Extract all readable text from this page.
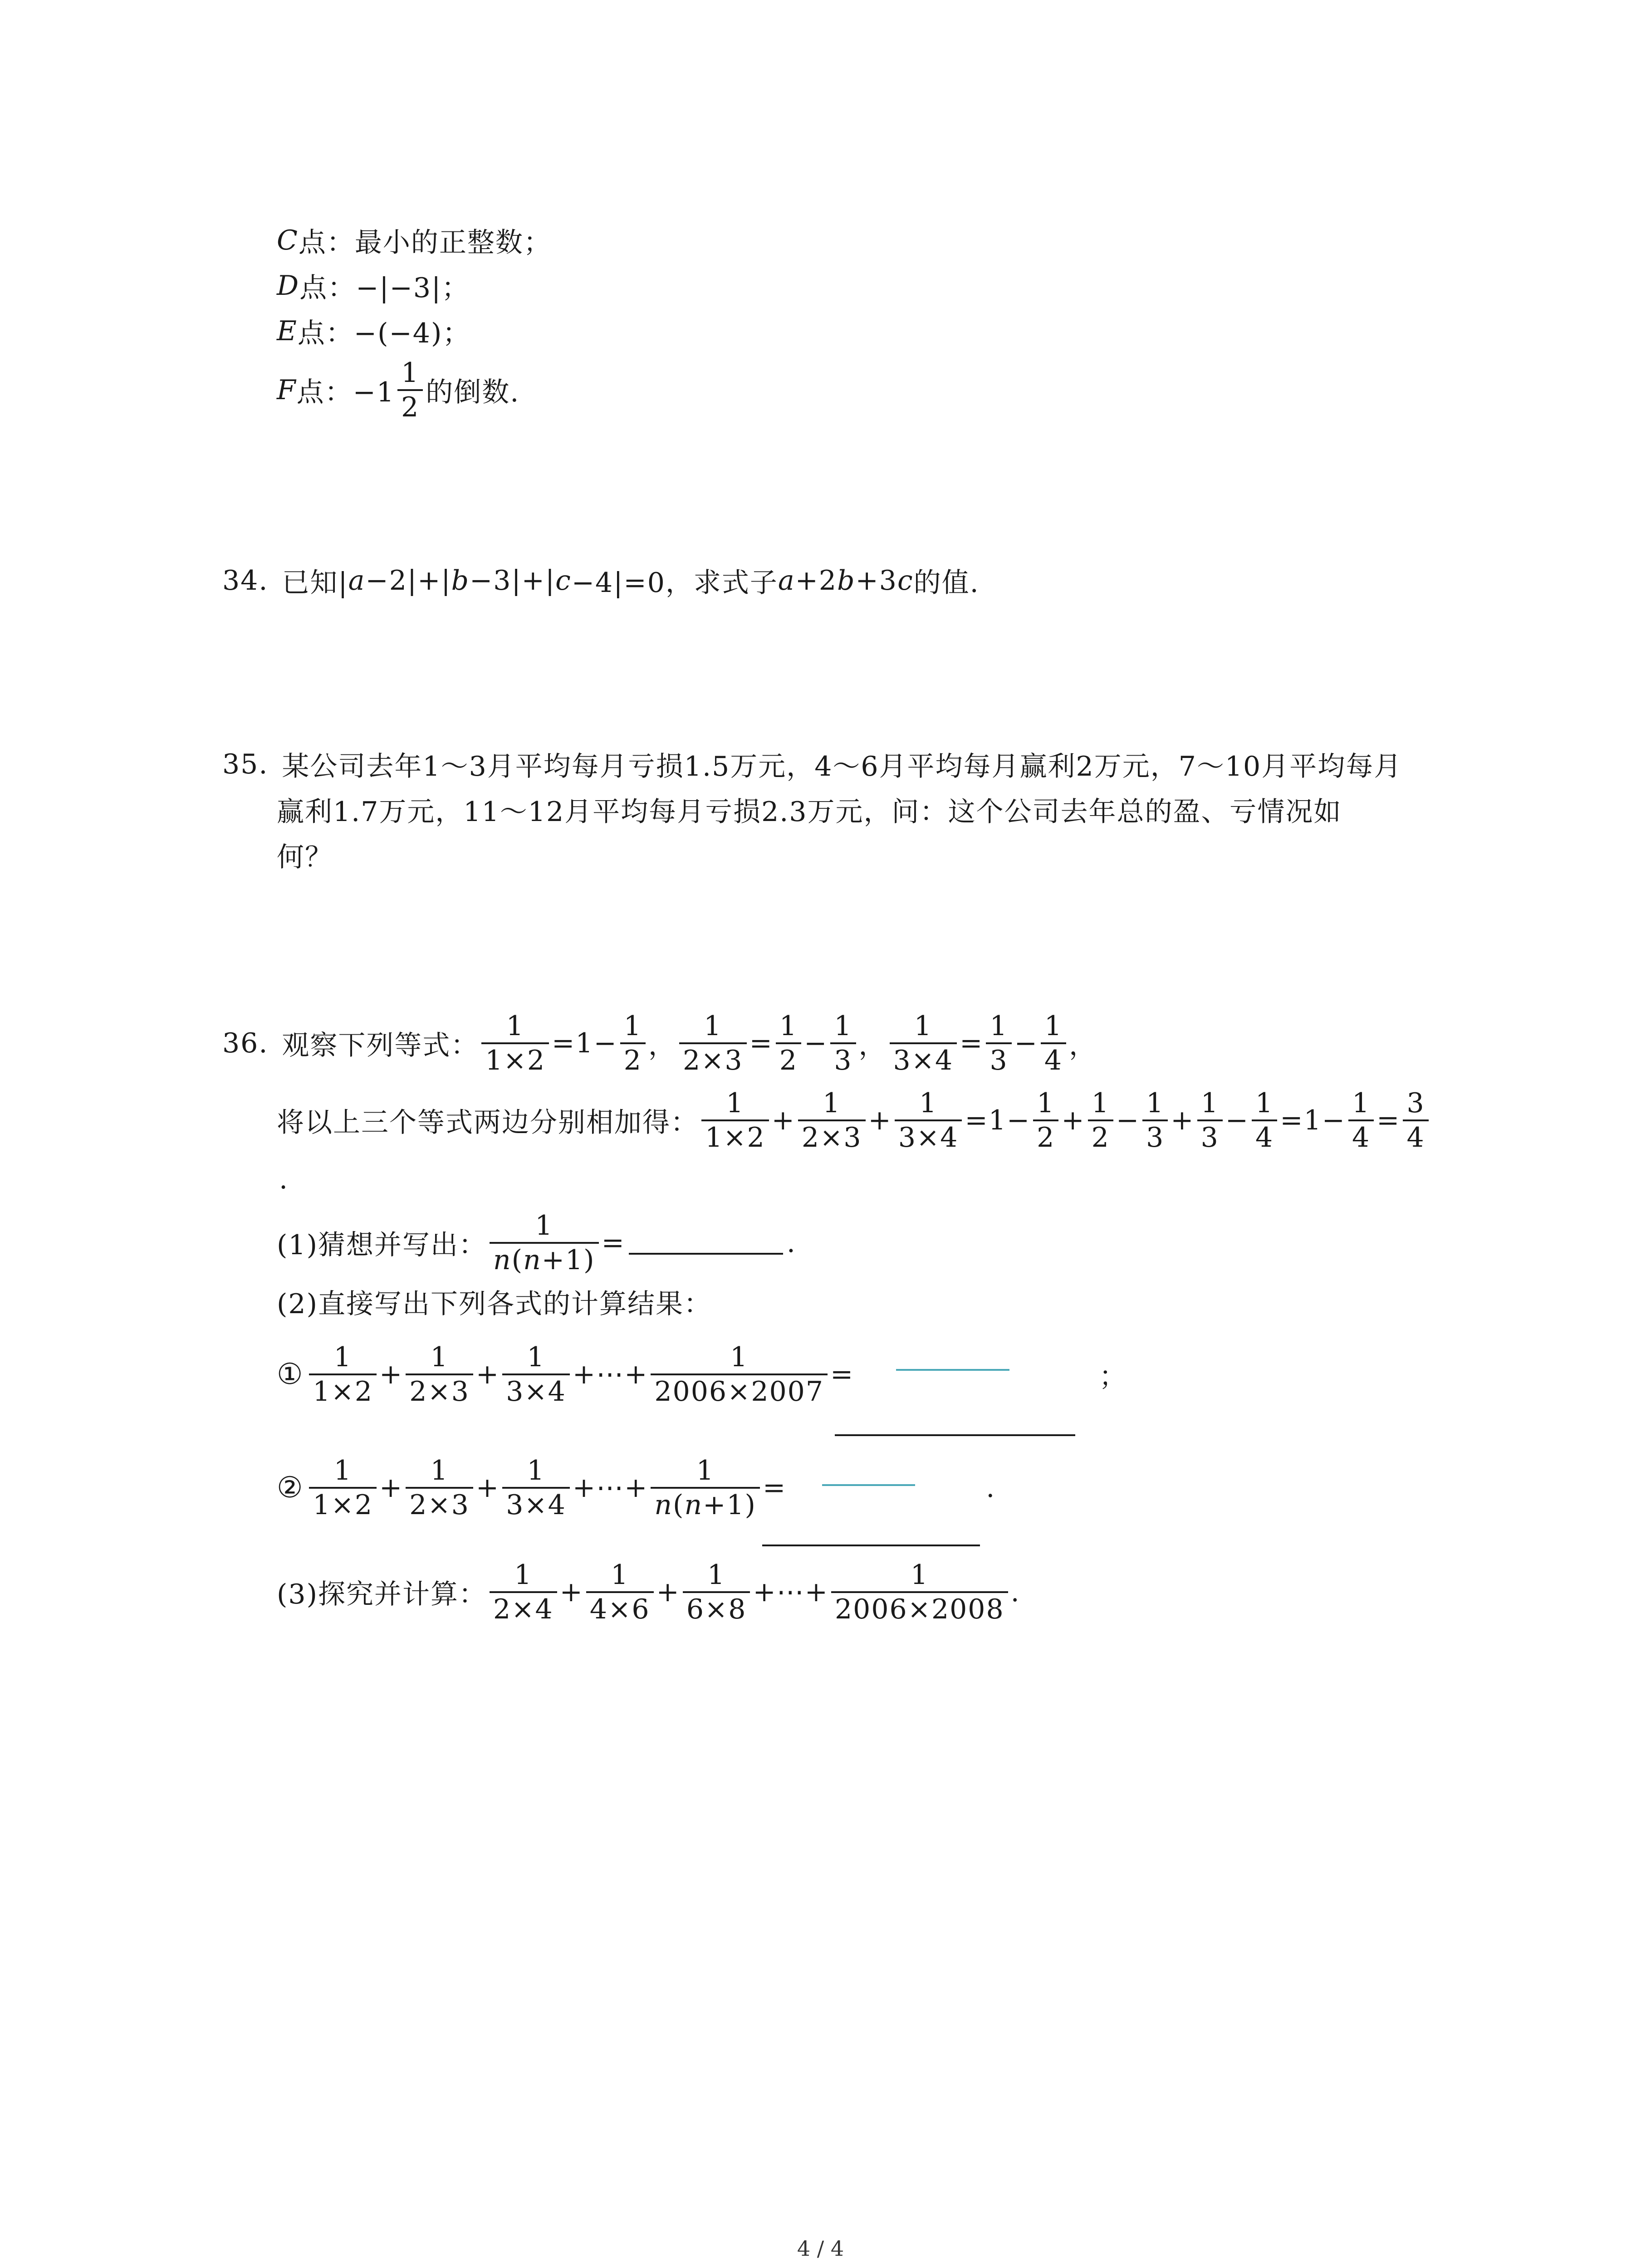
C 点：最小的正整数；
D 点：−|−3|；
E 点：−(−4)；
F 点：$-1 \frac{1}{2}$ 的倒数.
34. 已知| a −2|+| b −3|+| c −4|=0，求式子 a +2 b +3 c 的值.
35. 某公司去年1～3月平均每月亏损1.5万元，4～6月平均每月赢利2万元，7～10月平均每月
赢利1.7万元，11～12月平均每月亏损2.3万元，问：这个公司去年总的盈、亏情况如
何？
36. 观察下列等式： $\frac{1}{1\times 2} =1- \frac{1}{2}$ ， $\frac{1}{2\times 3} = \frac{1}{2} - \frac{1}{3}$ ， $\frac{1}{3\times 4} = \frac{1}{3} - \frac{1}{4}$ ，
将以上三个等式两边分别相加得： $\frac{1}{1\times 2} + \frac{1}{2\times 3} + \frac{1}{3\times 4} =1- \frac{1}{2} + \frac{1}{2} - \frac{1}{3} + \frac{1}{3} - \frac{1}{4} =1- \frac{1}{4} = \frac{3}{4}$
.
(1)猜想并写出： $\frac{1}{n(n+1)}$ =	.
(2)直接写出下列各式的计算结果：
① $\frac{1}{1\times 2} + \frac{1}{2\times 3} + \frac{1}{3\times 4}$ +⋯+ $\frac{1}{2006\times 2007}$ =	；
② $\frac{1}{1\times 2} + \frac{1}{2\times 3} + \frac{1}{3\times 4}$ +⋯+ $\frac{1}{n(n+1)}$ =	.
(3)探究并计算： $\frac{1}{2\times 4} + \frac{1}{4\times 6} + \frac{1}{6\times 8}$ +⋯+ $\frac{1}{2006\times 2008}$ .
4 / 4
